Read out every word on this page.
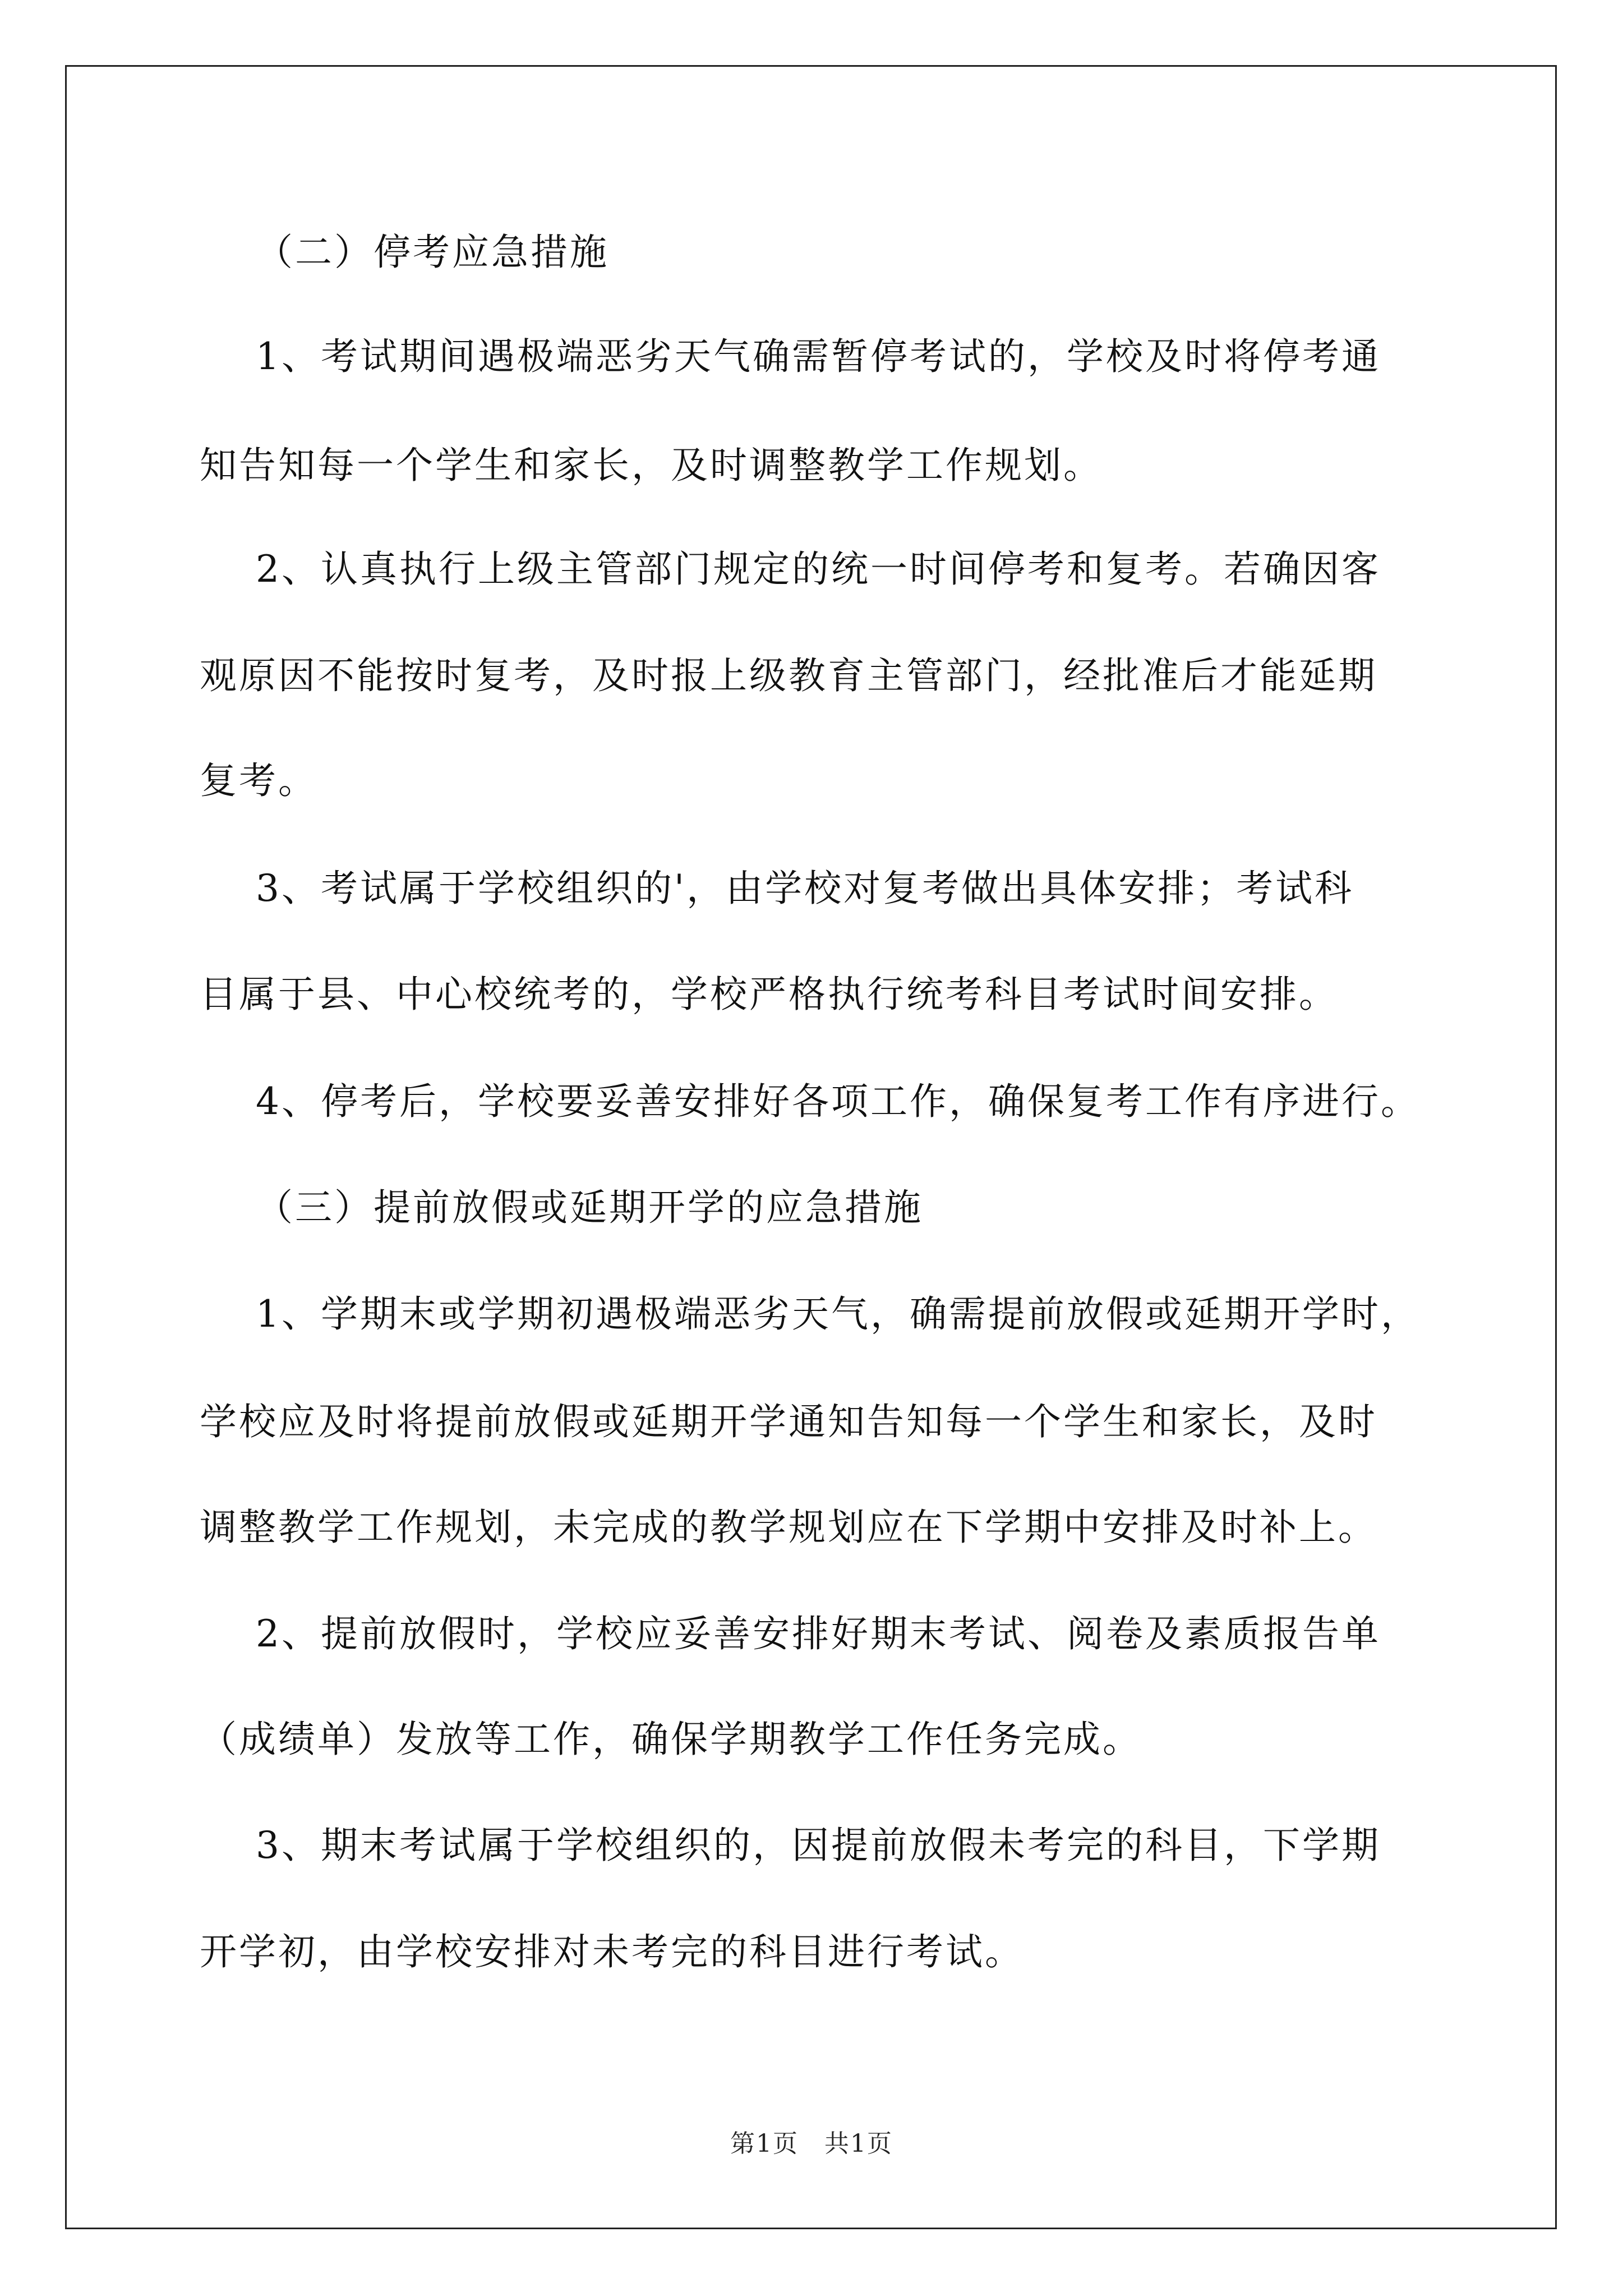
（二）停考应急措施
1、考试期间遇极端恶劣天气确需暂停考试的，学校及时将停考通
知告知每一个学生和家长，及时调整教学工作规划。
2、认真执行上级主管部门规定的统一时间停考和复考。若确因客
观原因不能按时复考，及时报上级教育主管部门，经批准后才能延期
复考。
3、考试属于学校组织的'，由学校对复考做出具体安排；考试科
目属于县、中心校统考的，学校严格执行统考科目考试时间安排。
4、停考后，学校要妥善安排好各项工作，确保复考工作有序进行。
（三）提前放假或延期开学的应急措施
1、学期末或学期初遇极端恶劣天气，确需提前放假或延期开学时，
学校应及时将提前放假或延期开学通知告知每一个学生和家长，及时
调整教学工作规划，未完成的教学规划应在下学期中安排及时补上。
2、提前放假时，学校应妥善安排好期末考试、阅卷及素质报告单
（成绩单）发放等工作，确保学期教学工作任务完成。
3、期末考试属于学校组织的，因提前放假未考完的科目，下学期
开学初，由学校安排对未考完的科目进行考试。
第1页　共1页
